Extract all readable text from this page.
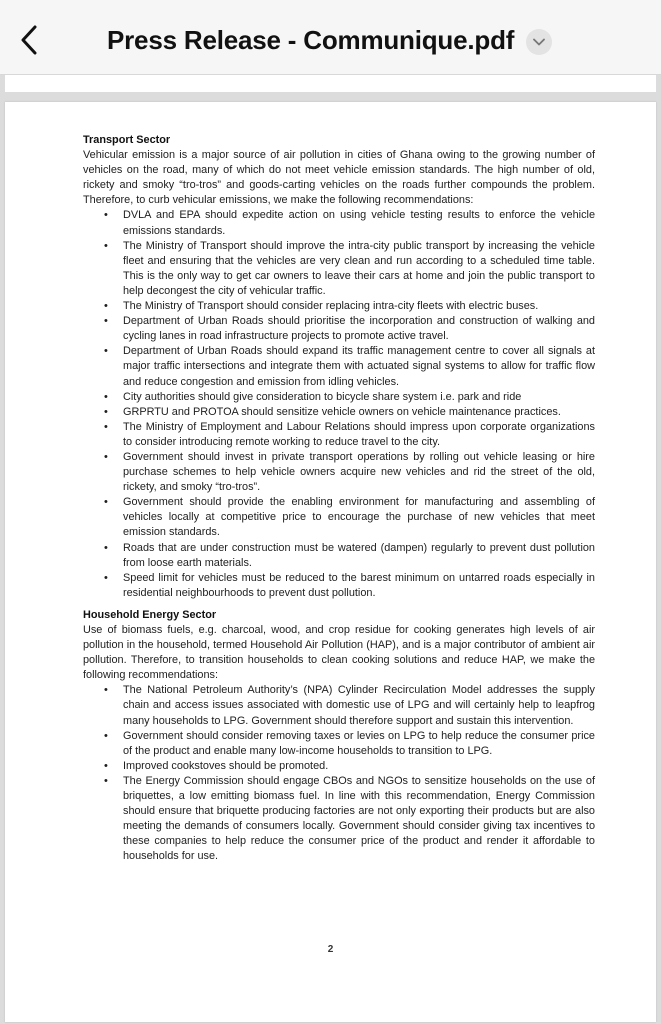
Press Release - Communique.pdf
Transport Sector

Vehicular emission is a major source of air pollution in cities of Ghana owing to the growing number of vehicles on the road, many of which do not meet vehicle emission standards. The high number of old, rickety and smoky “tro-tros” and goods-carting vehicles on the roads further compounds the problem. Therefore, to curb vehicular emissions, we make the following recommendations:

• DVLA and EPA should expedite action on using vehicle testing results to enforce the vehicle emissions standards.
• The Ministry of Transport should improve the intra-city public transport by increasing the vehicle fleet and ensuring that the vehicles are very clean and run according to a scheduled time table. This is the only way to get car owners to leave their cars at home and join the public transport to help decongest the city of vehicular traffic.
• The Ministry of Transport should consider replacing intra-city fleets with electric buses.
• Department of Urban Roads should prioritise the incorporation and construction of walking and cycling lanes in road infrastructure projects to promote active travel.
• Department of Urban Roads should expand its traffic management centre to cover all signals at major traffic intersections and integrate them with actuated signal systems to allow for traffic flow and reduce congestion and emission from idling vehicles.
• City authorities should give consideration to bicycle share system i.e. park and ride
• GRPRTU and PROTOA should sensitize vehicle owners on vehicle maintenance practices.
• The Ministry of Employment and Labour Relations should impress upon corporate organizations to consider introducing remote working to reduce travel to the city.
• Government should invest in private transport operations by rolling out vehicle leasing or hire purchase schemes to help vehicle owners acquire new vehicles and rid the street of the old, rickety, and smoky “tro-tros”.
• Government should provide the enabling environment for manufacturing and assembling of vehicles locally at competitive price to encourage the purchase of new vehicles that meet emission standards.
• Roads that are under construction must be watered (dampen) regularly to prevent dust pollution from loose earth materials.
• Speed limit for vehicles must be reduced to the barest minimum on untarred roads especially in residential neighbourhoods to prevent dust pollution.
Household Energy Sector

Use of biomass fuels, e.g. charcoal, wood, and crop residue for cooking generates high levels of air pollution in the household, termed Household Air Pollution (HAP), and is a major contributor of ambient air pollution. Therefore, to transition households to clean cooking solutions and reduce HAP, we make the following recommendations:

• The National Petroleum Authority’s (NPA) Cylinder Recirculation Model addresses the supply chain and access issues associated with domestic use of LPG and will certainly help to leapfrog many households to LPG. Government should therefore support and sustain this intervention.
• Government should consider removing taxes or levies on LPG to help reduce the consumer price of the product and enable many low-income households to transition to LPG.
• Improved cookstoves should be promoted.
• The Energy Commission should engage CBOs and NGOs to sensitize households on the use of briquettes, a low emitting biomass fuel. In line with this recommendation, Energy Commission should ensure that briquette producing factories are not only exporting their products but are also meeting the demands of consumers locally. Government should consider giving tax incentives to these companies to help reduce the consumer price of the product and render it affordable to households for use.
2
